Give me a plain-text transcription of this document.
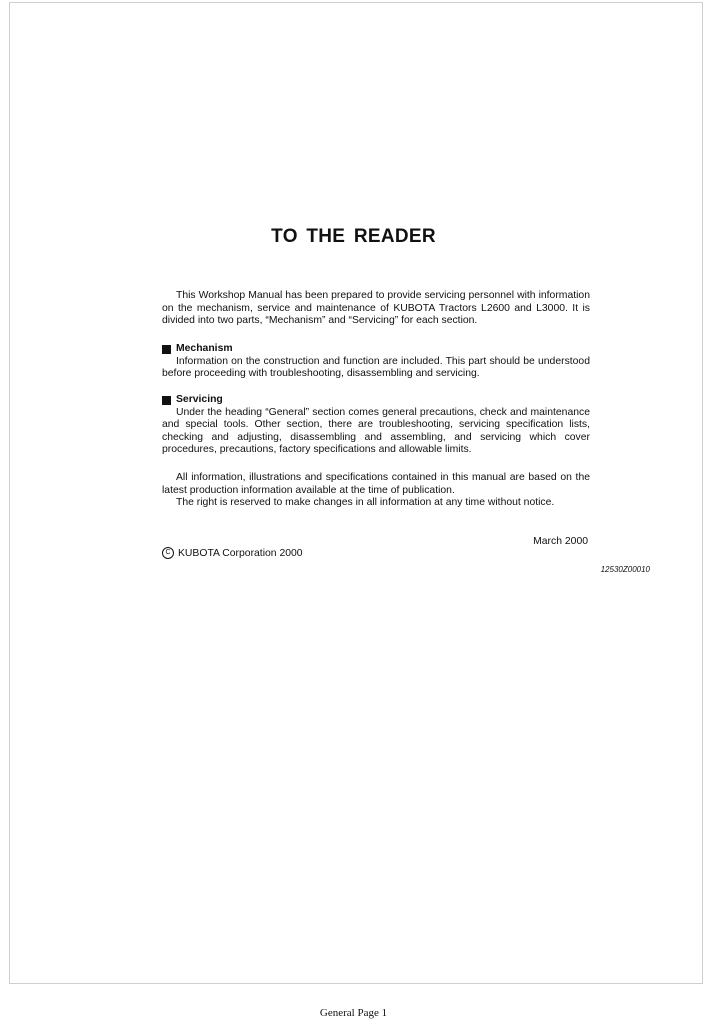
TO THE READER

This Workshop Manual has been prepared to provide servicing personnel with information on the mechanism, service and maintenance of KUBOTA Tractors L2600 and L3000. It is divided into two parts, “Mechanism” and “Servicing” for each section.

Mechanism

Information on the construction and function are included. This part should be understood before proceeding with troubleshooting, disassembling and servicing.

Servicing

Under the heading “General” section comes general precautions, check and maintenance and special tools. Other section, there are troubleshooting, servicing specification lists, checking and adjusting, disassembling and assembling, and servicing which cover procedures, precautions, factory specifications and allowable limits.

All information, illustrations and specifications contained in this manual are based on the latest production information available at the time of publication.

The right is reserved to make changes in all information at any time without notice.

March 2000
C KUBOTA Corporation 2000
12530Z00010
General Page 1
